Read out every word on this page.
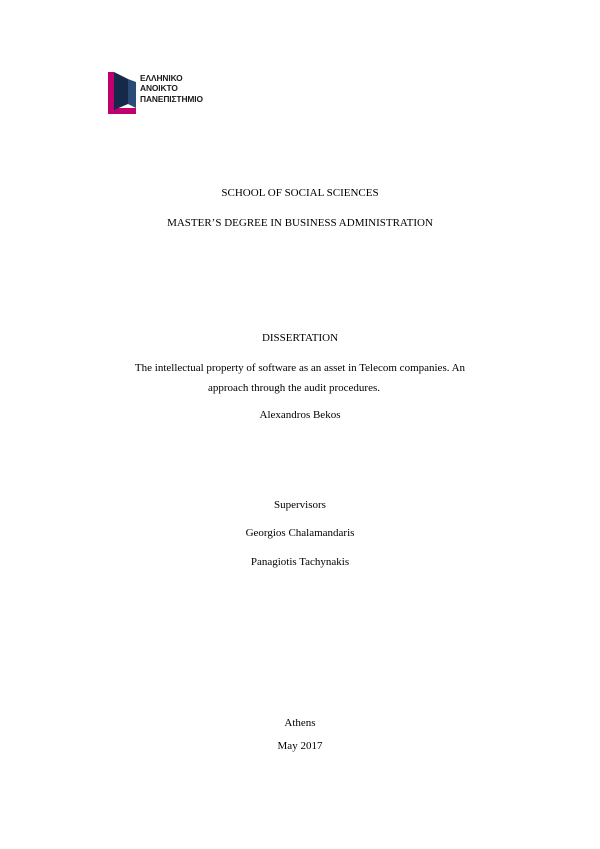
ΕΛΛΗΝΙΚΟ
ΑΝΟΙΚΤΟ
ΠΑΝΕΠΙΣΤΗΜΙΟ
SCHOOL OF SOCIAL SCIENCES
MASTER’S DEGREE IN BUSINESS ADMINISTRATION
DISSERTATION
The intellectual property of software as an asset in Telecom companies. An
approach through the audit procedures.
Alexandros Bekos
Supervisors
Georgios Chalamandaris
Panagiotis Tachynakis
Athens
May 2017
